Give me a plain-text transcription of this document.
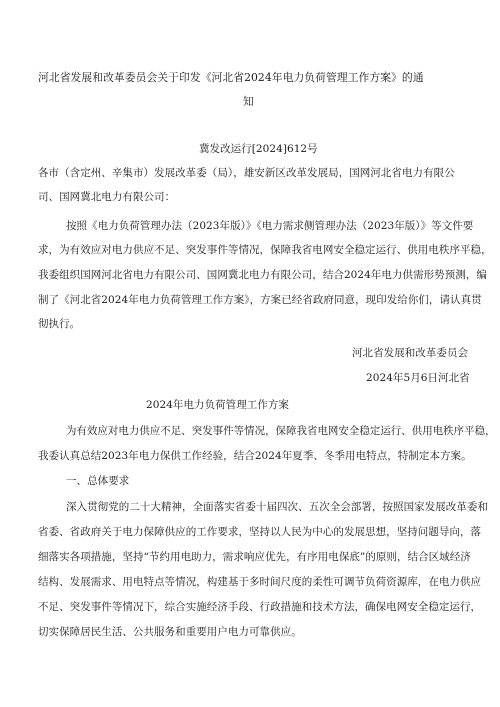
河北省发展和改革委员会关于印发《河北省2024年电力负荷管理工作方案》的通
知
冀发改运行[2024]612号
各市（含定州、辛集市）发展改革委（局），雄安新区改革发展局，国网河北省电力有限公
司、国网冀北电力有限公司：
按照《电力负荷管理办法（2023年版）》《电力需求侧管理办法（2023年版）》等文件要
求，为有效应对电力供应不足、突发事件等情况，保障我省电网安全稳定运行、供用电秩序平稳，
我委组织国网河北省电力有限公司、国网冀北电力有限公司，结合2024年电力供需形势预测，编
制了《河北省2024年电力负荷管理工作方案》，方案已经省政府同意，现印发给你们，请认真贯
彻执行。
河北省发展和改革委员会
2024年5月6日河北省
2024年电力负荷管理工作方案
为有效应对电力供应不足、突发事件等情况，保障我省电网安全稳定运行、供用电秩序平稳，
我委认真总结2023年电力保供工作经验，结合2024年夏季、冬季用电特点，特制定本方案。
一、总体要求
深入贯彻党的二十大精神，全面落实省委十届四次、五次全会部署，按照国家发展改革委和
省委、省政府关于电力保障供应的工作要求，坚持以人民为中心的发展思想，坚持问题导向，落
细落实各项措施，坚持“节约用电助力，需求响应优先，有序用电保底”的原则，结合区域经济
结构、发展需求、用电特点等情况，构建基于多时间尺度的柔性可调节负荷资源库，在电力供应
不足、突发事件等情况下，综合实施经济手段、行政措施和技术方法，确保电网安全稳定运行，
切实保障居民生活、公共服务和重要用户电力可靠供应。
